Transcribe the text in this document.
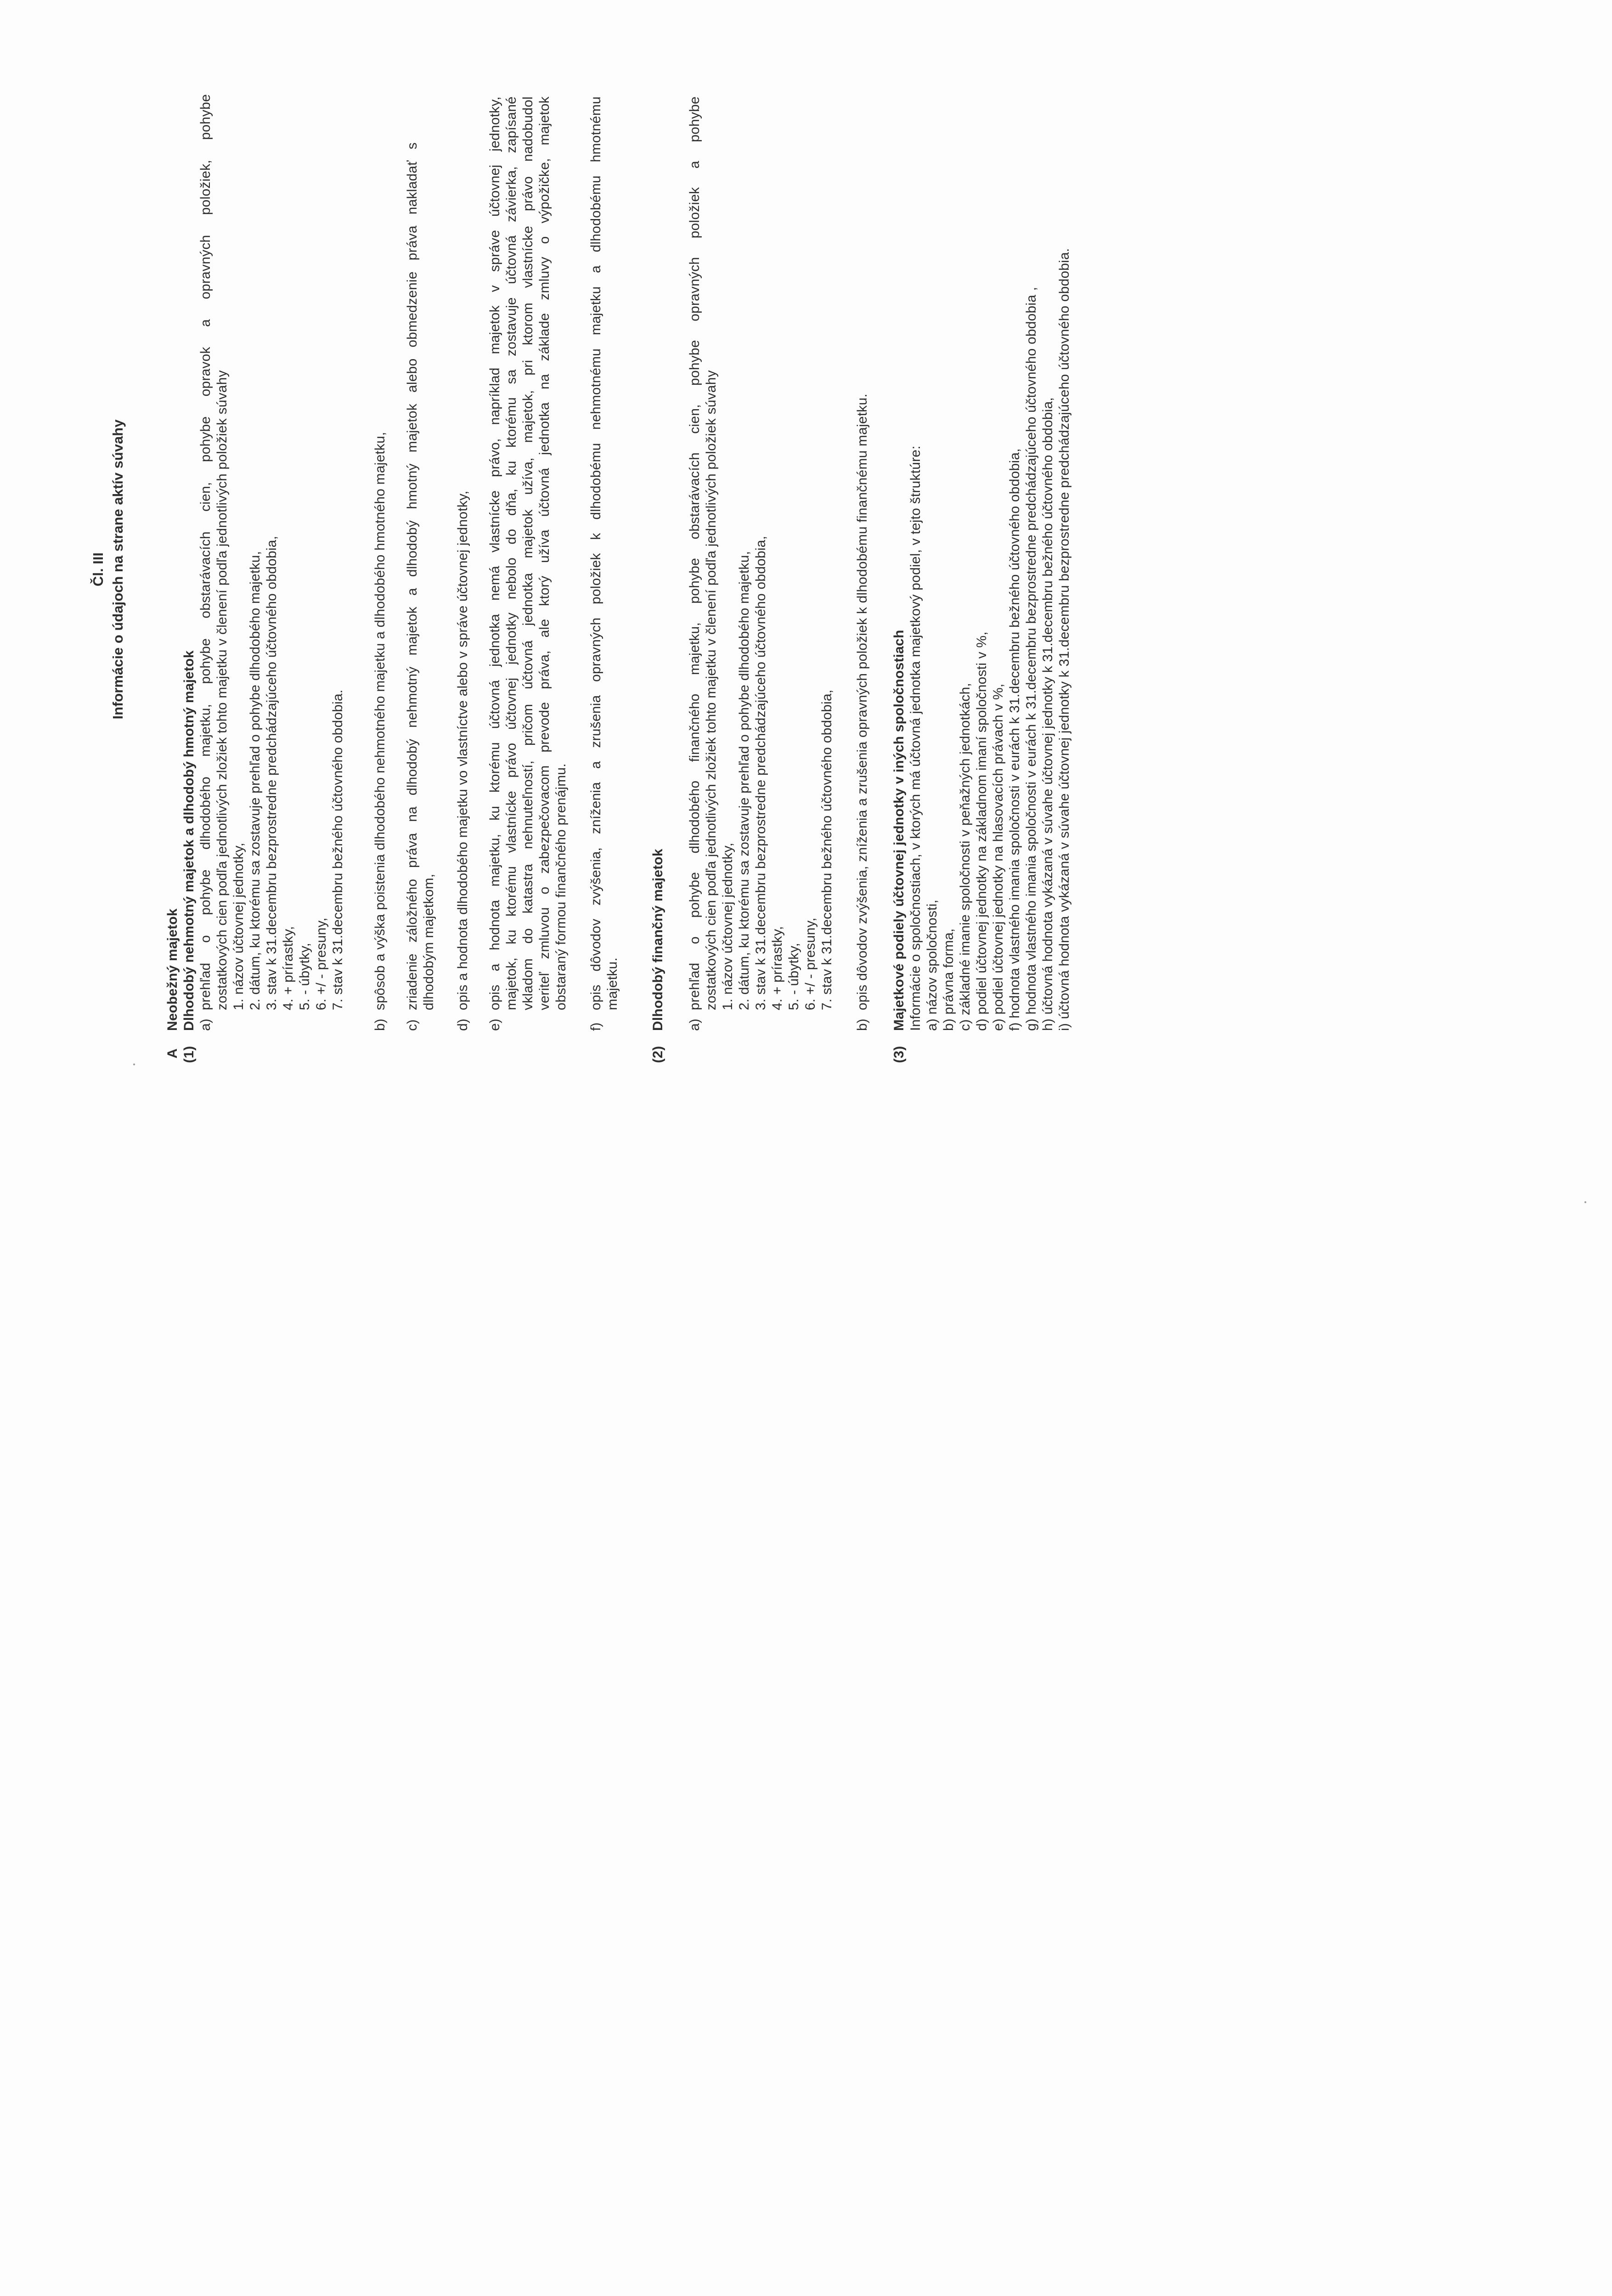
Čl. III Informácie o údajoch na strane aktív súvahy
A
Neobežný majetok
(1)
Dlhodobý nehmotný majetok a dlhodobý hmotný majetok a)
prehľad o pohybe dlhodobého majetku, pohybe obstarávacích cien, pohybe opravok a opravných položiek, pohybe zostatkových cien podľa jednotlivých zložiek tohto majetku v členení podľa jednotlivých položiek súvahy 1. názov účtovnej jednotky, 2. dátum, ku ktorému sa zostavuje prehľad o pohybe dlhodobého majetku, 3. stav k 31.decembru bezprostredne predchádzajúceho účtovného obdobia, 4. + prírastky, 5. - úbytky, 6. +/ - presuny, 7. stav k 31.decembru bežného účtovného obdobia.
b)
spôsob a výška poistenia dlhodobého nehmotného majetku a dlhodobého hmotného majetku,
c)
zriadenie záložného práva na dlhodobý nehmotný majetok a dlhodobý hmotný majetok alebo obmedzenie práva nakladať s dlhodobým majetkom,
d)
opis a hodnota dlhodobého majetku vo vlastníctve alebo v správe účtovnej jednotky,
e)
opis a hodnota majetku, ku ktorému účtovná jednotka nemá vlastnícke právo, napríklad majetok v správe účtovnej jednotky, majetok, ku ktorému vlastnícke právo účtovnej jednotky nebolo do dňa, ku ktorému sa zostavuje účtovná závierka, zapísané vkladom do katastra nehnuteľností, pričom účtovná jednotka majetok užíva, majetok, pri ktorom vlastnícke právo nadobudol veriteľ zmluvou o zabezpečovacom prevode práva, ale ktorý užíva účtovná jednotka na základe zmluvy o výpožičke, majetok obstaraný formou finančného prenájmu.
f)
opis dôvodov zvýšenia, zníženia a zrušenia opravných položiek k dlhodobému nehmotnému majetku a dlhodobému hmotnému majetku.
(2)
Dlhodobý finančný majetok a)
prehľad o pohybe dlhodobého finančného majetku, pohybe obstarávacích cien, pohybe opravných položiek a pohybe zostatkových cien podľa jednotlivých zložiek tohto majetku v členení podľa jednotlivých položiek súvahy 1. názov účtovnej jednotky, 2. dátum, ku ktorému sa zostavuje prehľad o pohybe dlhodobého majetku, 3. stav k 31.decembru bezprostredne predchádzajúceho účtovného obdobia, 4. + prírastky, 5. - úbytky, 6. +/ - presuny, 7. stav k 31.decembru bežného účtovného obdobia,
b)
opis dôvodov zvýšenia, zníženia a zrušenia opravných položiek k dlhodobému finančnému majetku.
(3)
Majetkové podiely účtovnej jednotky v iných spoločnostiach Informácie o spoločnostiach, v ktorých má účtovná jednotka majetkový podiel, v tejto štruktúre: a) názov spoločnosti, b) právna forma, c) základné imanie spoločnosti v peňažných jednotkách, d) podiel účtovnej jednotky na základnom imaní spoločnosti v %, e) podiel účtovnej jednotky na hlasovacích právach v %, f) hodnota vlastného imania spoločnosti v eurách k 31.decembru bežného účtovného obdobia, g) hodnota vlastného imania spoločnosti v eurách k 31.decembru bezprostredne predchádzajúceho účtovného obdobia , h) účtovná hodnota vykázaná v súvahe účtovnej jednotky k 31.decembru bežného účtovného obdobia, i) účtovná hodnota vykázaná v súvahe účtovnej jednotky k 31.decembru bezprostredne predchádzajúceho účtovného obdobia.
